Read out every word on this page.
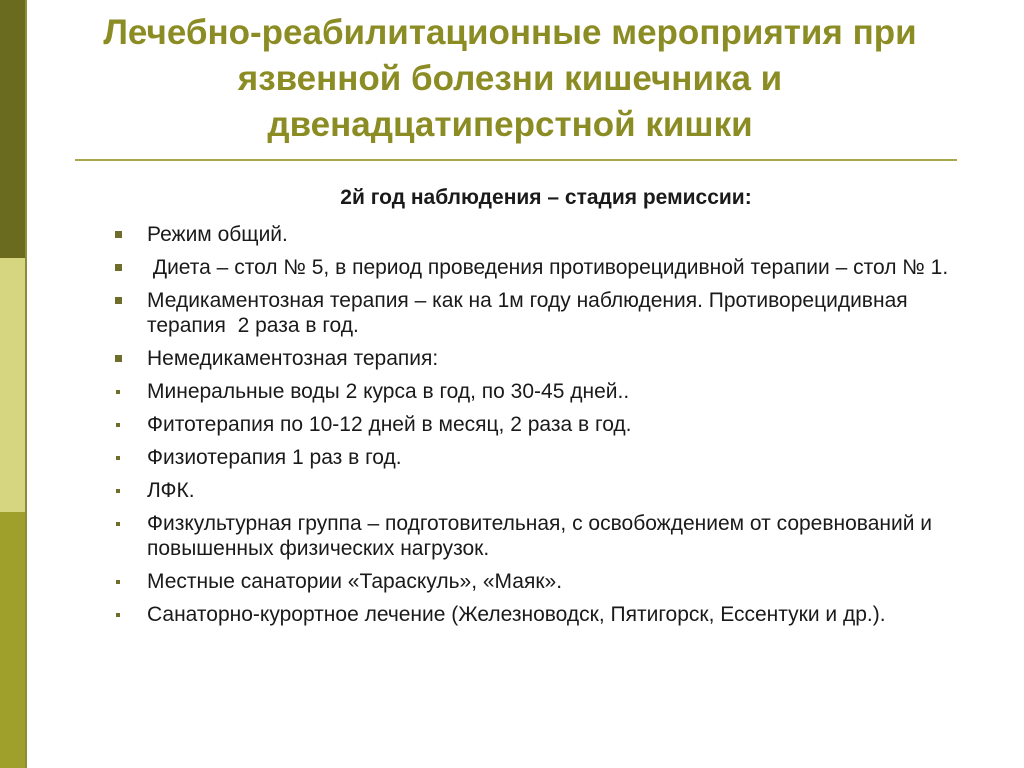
Лечебно-реабилитационные мероприятия при язвенной болезни кишечника и двенадцатиперстной кишки
2й год наблюдения – стадия ремиссии:
Режим общий.
Диета – стол № 5, в период проведения противорецидивной терапии – стол № 1.
Медикаментозная терапия – как на 1м году наблюдения. Противорецидивная терапия  2 раза в год.
Немедикаментозная терапия:
Минеральные воды 2 курса в год, по 30-45 дней..
Фитотерапия по 10-12 дней в месяц, 2 раза в год.
Физиотерапия 1 раз в год.
ЛФК.
Физкультурная группа – подготовительная, с освобождением от соревнований и повышенных физических нагрузок.
Местные санатории «Тараскуль», «Маяк».
Санаторно-курортное лечение (Железноводск, Пятигорск, Ессентуки и др.).
